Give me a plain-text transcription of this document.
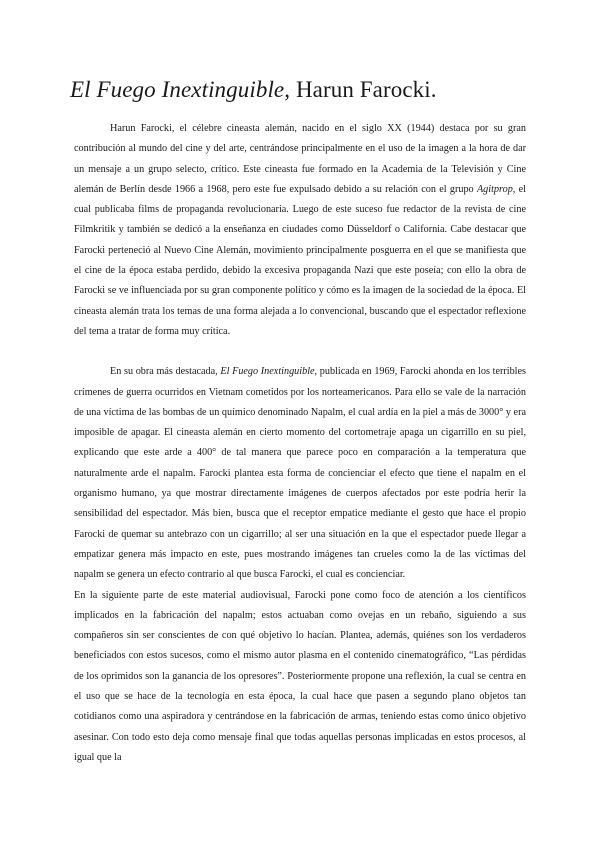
El Fuego Inextinguible, Harun Farocki.

Harun Farocki, el célebre cineasta alemán, nacido en el siglo XX (1944) destaca por su gran contribución al mundo del cine y del arte, centrándose principalmente en el uso de la imagen a la hora de dar un mensaje a un grupo selecto, crítico. Este cineasta fue formado en la Academia de la Televisión y Cine alemán de Berlín desde 1966 a 1968, pero este fue expulsado debido a su relación con el grupo Agitprop, el cual publicaba films de propaganda revolucionaria. Luego de este suceso fue redactor de la revista de cine Filmkritik y también se dedicó a la enseñanza en ciudades como Düsseldorf o California. Cabe destacar que Farocki perteneció al Nuevo Cine Alemán, movimiento principalmente posguerra en el que se manifiesta que el cine de la época estaba perdido, debido la excesiva propaganda Nazi que este poseía; con ello la obra de Farocki se ve influenciada por su gran componente político y cómo es la imagen de la sociedad de la época. El cineasta alemán trata los temas de una forma alejada a lo convencional, buscando que el espectador reflexione del tema a tratar de forma muy crítica.

En su obra más destacada, El Fuego Inextinguible, publicada en 1969, Farocki ahonda en los terribles crímenes de guerra ocurridos en Vietnam cometidos por los norteamericanos. Para ello se vale de la narración de una víctima de las bombas de un químico denominado Napalm, el cual ardía en la piel a más de 3000° y era imposible de apagar. El cineasta alemán en cierto momento del cortometraje apaga un cigarrillo en su piel, explicando que este arde a 400° de tal manera que parece poco en comparación a la temperatura que naturalmente arde el napalm. Farocki plantea esta forma de concienciar el efecto que tiene el napalm en el organismo humano, ya que mostrar directamente imágenes de cuerpos afectados por este podría herir la sensibilidad del espectador. Más bien, busca que el receptor empatice mediante el gesto que hace el propio Farocki de quemar su antebrazo con un cigarrillo; al ser una situación en la que el espectador puede llegar a empatizar genera más impacto en este, pues mostrando imágenes tan crueles como la de las víctimas del napalm se genera un efecto contrario al que busca Farocki, el cual es concienciar.

En la siguiente parte de este material audiovisual, Farocki pone como foco de atención a los científicos implicados en la fabricación del napalm; estos actuaban como ovejas en un rebaño, siguiendo a sus compañeros sin ser conscientes de con qué objetivo lo hacían. Plantea, además, quiénes son los verdaderos beneficiados con estos sucesos, como el mismo autor plasma en el contenido cinematográfico, “Las pérdidas de los oprimidos son la ganancia de los opresores”. Posteriormente propone una reflexión, la cual se centra en el uso que se hace de la tecnología en esta época, la cual hace que pasen a segundo plano objetos tan cotidianos como una aspiradora y centrándose en la fabricación de armas, teniendo estas como único objetivo asesinar. Con todo esto deja como mensaje final que todas aquellas personas implicadas en estos procesos, al igual que la
